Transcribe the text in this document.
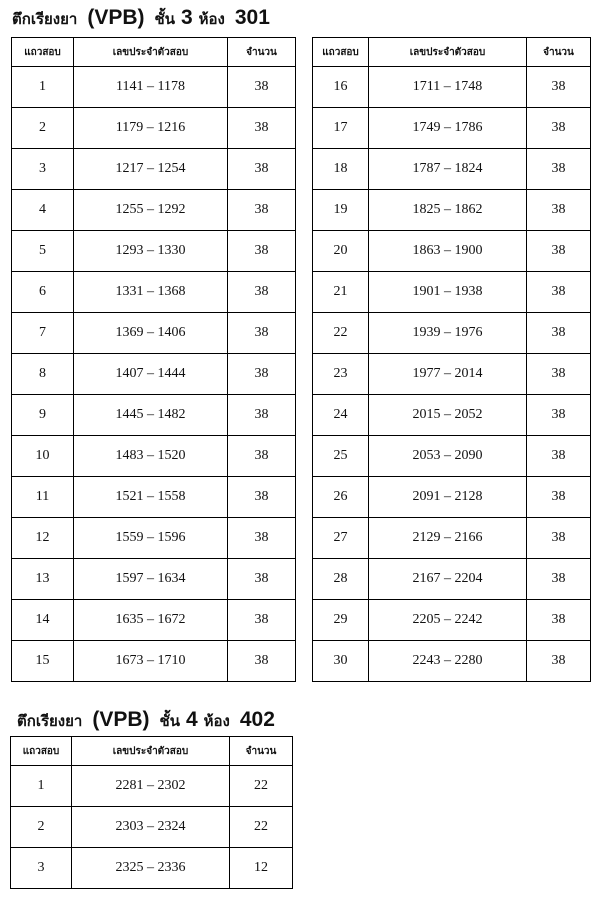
ตึกเรียงยา (VPB) ชั้น 3 ห้อง 301
แถวสอบ	เลขประจำตัวสอบ	จำนวน
1	1141 – 1178	38
2	1179 – 1216	38
3	1217 – 1254	38
4	1255 – 1292	38
5	1293 – 1330	38
6	1331 – 1368	38
7	1369 – 1406	38
8	1407 – 1444	38
9	1445 – 1482	38
10	1483 – 1520	38
11	1521 – 1558	38
12	1559 – 1596	38
13	1597 – 1634	38
14	1635 – 1672	38
15	1673 – 1710	38
แถวสอบ	เลขประจำตัวสอบ	จำนวน
16	1711 – 1748	38
17	1749 – 1786	38
18	1787 – 1824	38
19	1825 – 1862	38
20	1863 – 1900	38
21	1901 – 1938	38
22	1939 – 1976	38
23	1977 – 2014	38
24	2015 – 2052	38
25	2053 – 2090	38
26	2091 – 2128	38
27	2129 – 2166	38
28	2167 – 2204	38
29	2205 – 2242	38
30	2243 – 2280	38
ตึกเรียงยา (VPB) ชั้น 4 ห้อง 402
แถวสอบ	เลขประจำตัวสอบ	จำนวน
1	2281 – 2302	22
2	2303 – 2324	22
3	2325 – 2336	12
